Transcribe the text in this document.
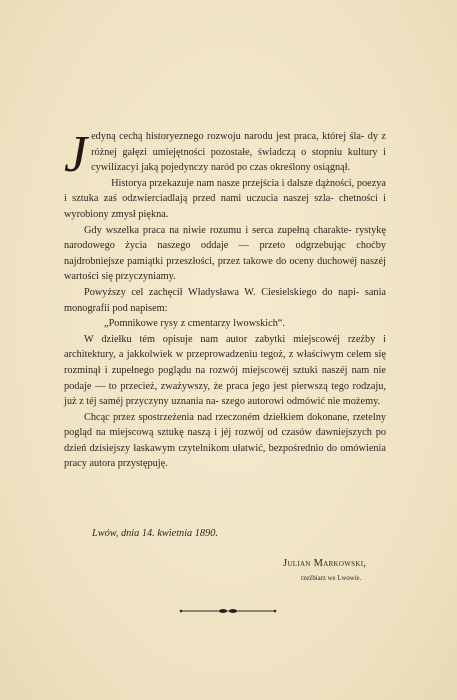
Jedyną cechą historyeznego rozwoju narodu jest praca, której śla- dy z różnej gałęzi umiejętności pozostałe, świadczą o stopniu kultury i cywilizacyi jaką pojedynczy naród po czas określony osiągnął.

Historya przekazuje nam nasze przejścia i dalsze dążności, poezya i sztuka zaś odzwierciadlają przed nami uczucia naszej szla- chetności i wyrobiony zmysł piękna.

Gdy wszelka praca na niwie rozumu i serca zupełną charakte- rystykę narodowego życia naszego oddaje — przeto odgrzebując choćby najdrobniejsze pamiątki przeszłości, przez takowe do oceny duchowéj naszéj wartości się przyczyniamy.

Powyższy cel zachęcił Władysława W. Ciesielskiego do napi- sania monografii pod napisem:

„Pomnikowe rysy z cmentarzy lwowskich“.

W dziełku tém opisuje nam autor zabytki miejscowéj rzeźby i architektury, a jakkolwiek w przeprowadzeniu tegoż, z właściwym celem się rozminął i zupełnego poglądu na rozwój miejscowéj sztuki naszéj nam nie podaje — to przecież, zważywszy, że praca jego jest pierwszą tego rodzaju, już z téj saméj przyczyny uznania na- szego autorowi odmówić nie możemy.

Chcąc przez spostrzeżenia nad rzeczoném dziełkiem dokonane, rzetelny pogląd na miejscową sztukę naszą i jéj rozwój od czasów dawniejszych po dzień dzisiejszy łaskawym czytelnikom ułatwić, bezpośrednio do omówienia pracy autora przystępuję.

Lwów, dnia 14. kwietnia 1890.
Julian Markowski,
rzeźbiarz we Lwowie.
